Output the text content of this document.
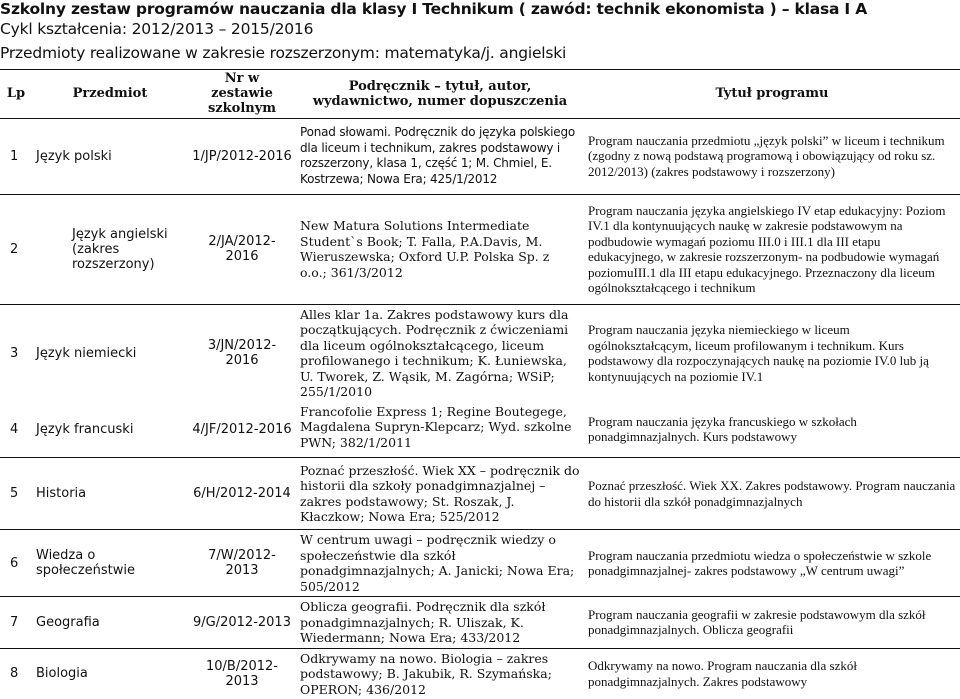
Szkolny zestaw programów nauczania dla klasy I Technikum ( zawód: technik ekonomista ) – klasa I A
Cykl kształcenia: 2012/2013 – 2015/2016
Przedmioty realizowane w zakresie rozszerzonym: matematyka/j. angielski
Lp	Przedmiot	Nr w zestawie szkolnym	Podręcznik – tytuł, autor, wydawnictwo, numer dopuszczenia	Tytuł programu
1	Język polski	1/JP/2012-2016	Ponad słowami. Podręcznik do języka polskiego dla liceum i technikum, zakres podstawowy i rozszerzony, klasa 1, część 1; M. Chmiel, E. Kostrzewa; Nowa Era; 425/1/2012	Program nauczania przedmiotu „język polski” w liceum i technikum (zgodny z nową podstawą programową i obowiązujący od roku sz. 2012/2013) (zakres podstawowy i rozszerzony)
2	Język angielski (zakres rozszerzony)	2/JA/2012-2016	New Matura Solutions Intermediate Student`s Book; T. Falla, P.A.Davis, M. Wieruszewska; Oxford U.P. Polska Sp. z o.o.; 361/3/2012	Program nauczania języka angielskiego IV etap edukacyjny: Poziom IV.1 dla kontynuujących naukę w zakresie podstawowym na podbudowie wymagań poziomu III.0 i III.1 dla III etapu edukacyjnego, w zakresie rozszerzonym- na podbudowie wymagań poziomuIII.1 dla III etapu edukacyjnego. Przeznaczony dla liceum ogólnokształcącego i technikum
3	Język niemiecki	3/JN/2012-2016	Alles klar 1a. Zakres podstawowy kurs dla początkujących. Podręcznik z ćwiczeniami dla liceum ogólnokształcącego, liceum profilowanego i technikum; K. Łuniewska, U. Tworek, Z. Wąsik, M. Zagórna; WSiP; 255/1/2010	Program nauczania języka niemieckiego w liceum ogólnokształcącym, liceum profilowanym i technikum. Kurs podstawowy dla rozpoczynających naukę na poziomie IV.0 lub ją kontynuujących na poziomie IV.1
4	Język francuski	4/JF/2012-2016	Francofolie Express 1; Regine Boutegege, Magdalena Supryn-Klepcarz; Wyd. szkolne PWN; 382/1/2011	Program nauczania języka francuskiego w szkołach ponadgimnazjalnych. Kurs podstawowy
5	Historia	6/H/2012-2014	Poznać przeszłość. Wiek XX – podręcznik do historii dla szkoły ponadgimnazjalnej – zakres podstawowy; St. Roszak, J. Kłaczkow; Nowa Era; 525/2012	Poznać przeszłość. Wiek XX. Zakres podstawowy. Program nauczania do historii dla szkół ponadgimnazjalnych
6	Wiedza o społeczeństwie	7/W/2012-2013	W centrum uwagi – podręcznik wiedzy o społeczeństwie dla szkół ponadgimnazjalnych; A. Janicki; Nowa Era; 505/2012	Program nauczania przedmiotu wiedza o społeczeństwie w szkole ponadgimnazjalnej- zakres podstawowy „W centrum uwagi”
7	Geografia	9/G/2012-2013	Oblicza geografii. Podręcznik dla szkół ponadgimnazjalnych; R. Uliszak, K. Wiedermann; Nowa Era; 433/2012	Program nauczania geografii w zakresie podstawowym dla szkół ponadgimnazjalnych. Oblicza geografii
8	Biologia	10/B/2012-2013	Odkrywamy na nowo. Biologia – zakres podstawowy; B. Jakubik, R. Szymańska; OPERON; 436/2012	Odkrywamy na nowo. Program nauczania dla szkół ponadgimnazjalnych. Zakres podstawowy
